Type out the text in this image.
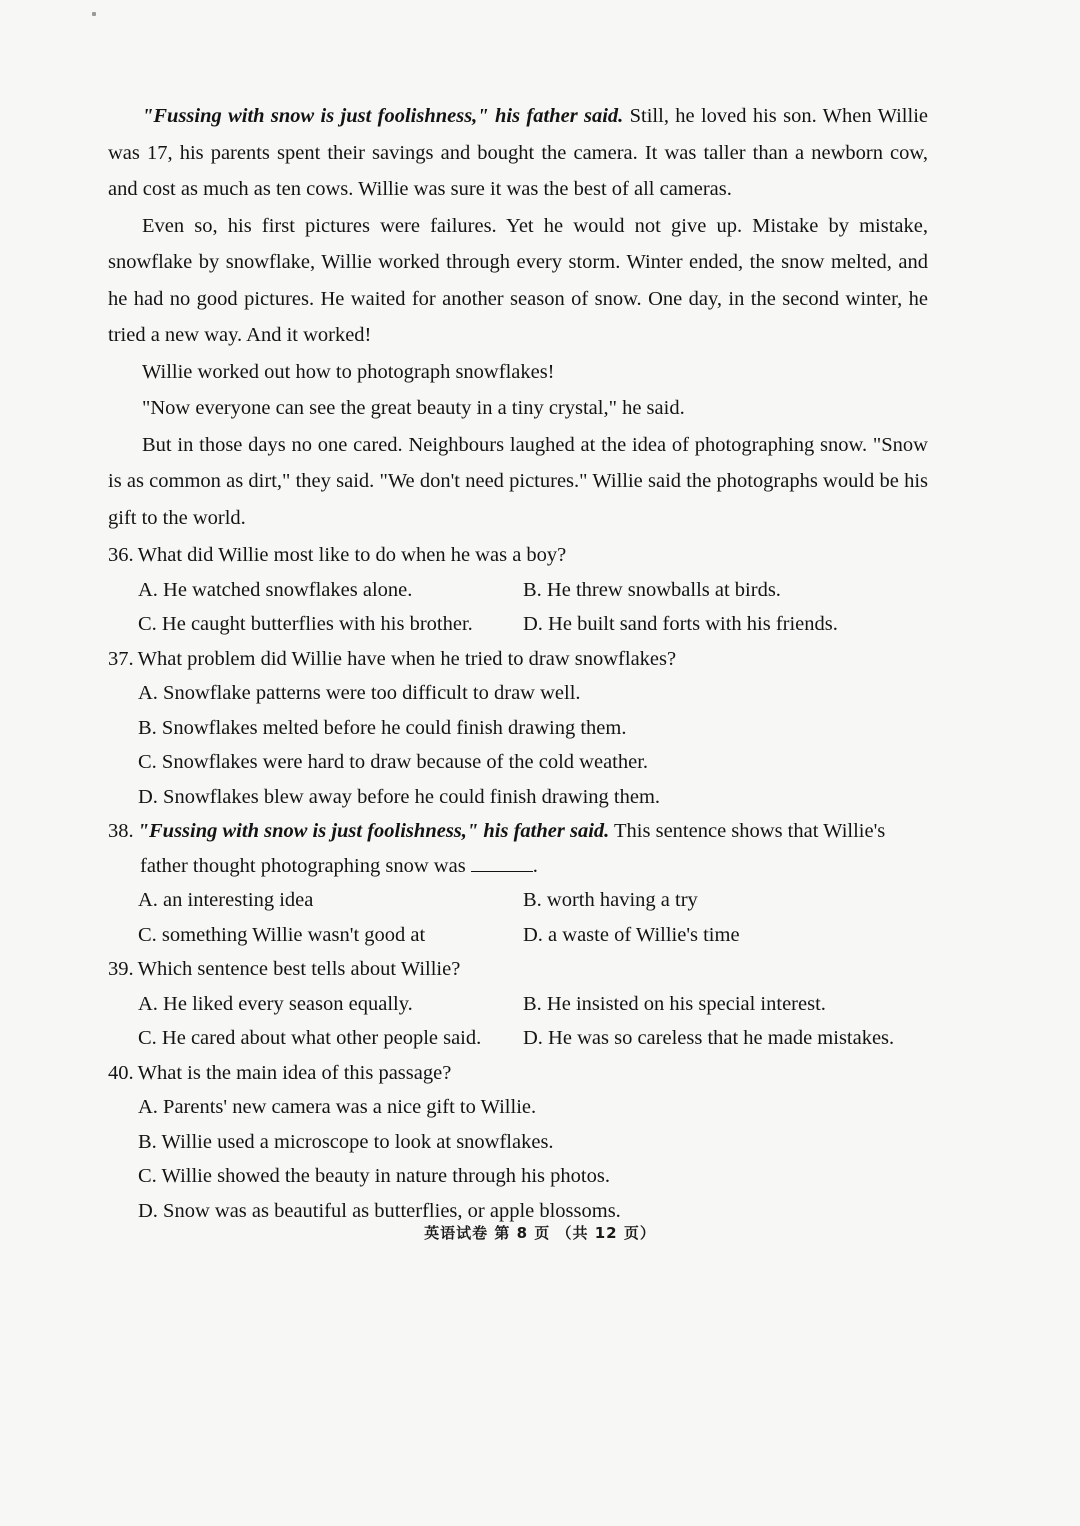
"Fussing with snow is just foolishness," his father said. Still, he loved his son. When Willie was 17, his parents spent their savings and bought the camera. It was taller than a newborn cow, and cost as much as ten cows. Willie was sure it was the best of all cameras.

Even so, his first pictures were failures. Yet he would not give up. Mistake by mistake, snowflake by snowflake, Willie worked through every storm. Winter ended, the snow melted, and he had no good pictures. He waited for another season of snow. One day, in the second winter, he tried a new way. And it worked!

Willie worked out how to photograph snowflakes!

"Now everyone can see the great beauty in a tiny crystal," he said.

But in those days no one cared. Neighbours laughed at the idea of photographing snow. "Snow is as common as dirt," they said. "We don't need pictures." Willie said the photographs would be his gift to the world.

36. What did Willie most like to do when he was a boy?

A. He watched snowflakes alone.	B. He threw snowballs at birds.
C. He caught butterflies with his brother.	D. He built sand forts with his friends.

37. What problem did Willie have when he tried to draw snowflakes?

A. Snowflake patterns were too difficult to draw well.
B. Snowflakes melted before he could finish drawing them.
C. Snowflakes were hard to draw because of the cold weather.
D. Snowflakes blew away before he could finish drawing them.

38. "Fussing with snow is just foolishness," his father said. This sentence shows that Willie's

father thought photographing snow was	.

A. an interesting idea	B. worth having a try
C. something Willie wasn't good at	D. a waste of Willie's time

39. Which sentence best tells about Willie?

A. He liked every season equally.	B. He insisted on his special interest.
C. He cared about what other people said.	D. He was so careless that he made mistakes.

40. What is the main idea of this passage?

A. Parents' new camera was a nice gift to Willie.
B. Willie used a microscope to look at snowflakes.
C. Willie showed the beauty in nature through his photos.
D. Snow was as beautiful as butterflies, or apple blossoms.
英语试卷 第 8 页 （共 12 页）
